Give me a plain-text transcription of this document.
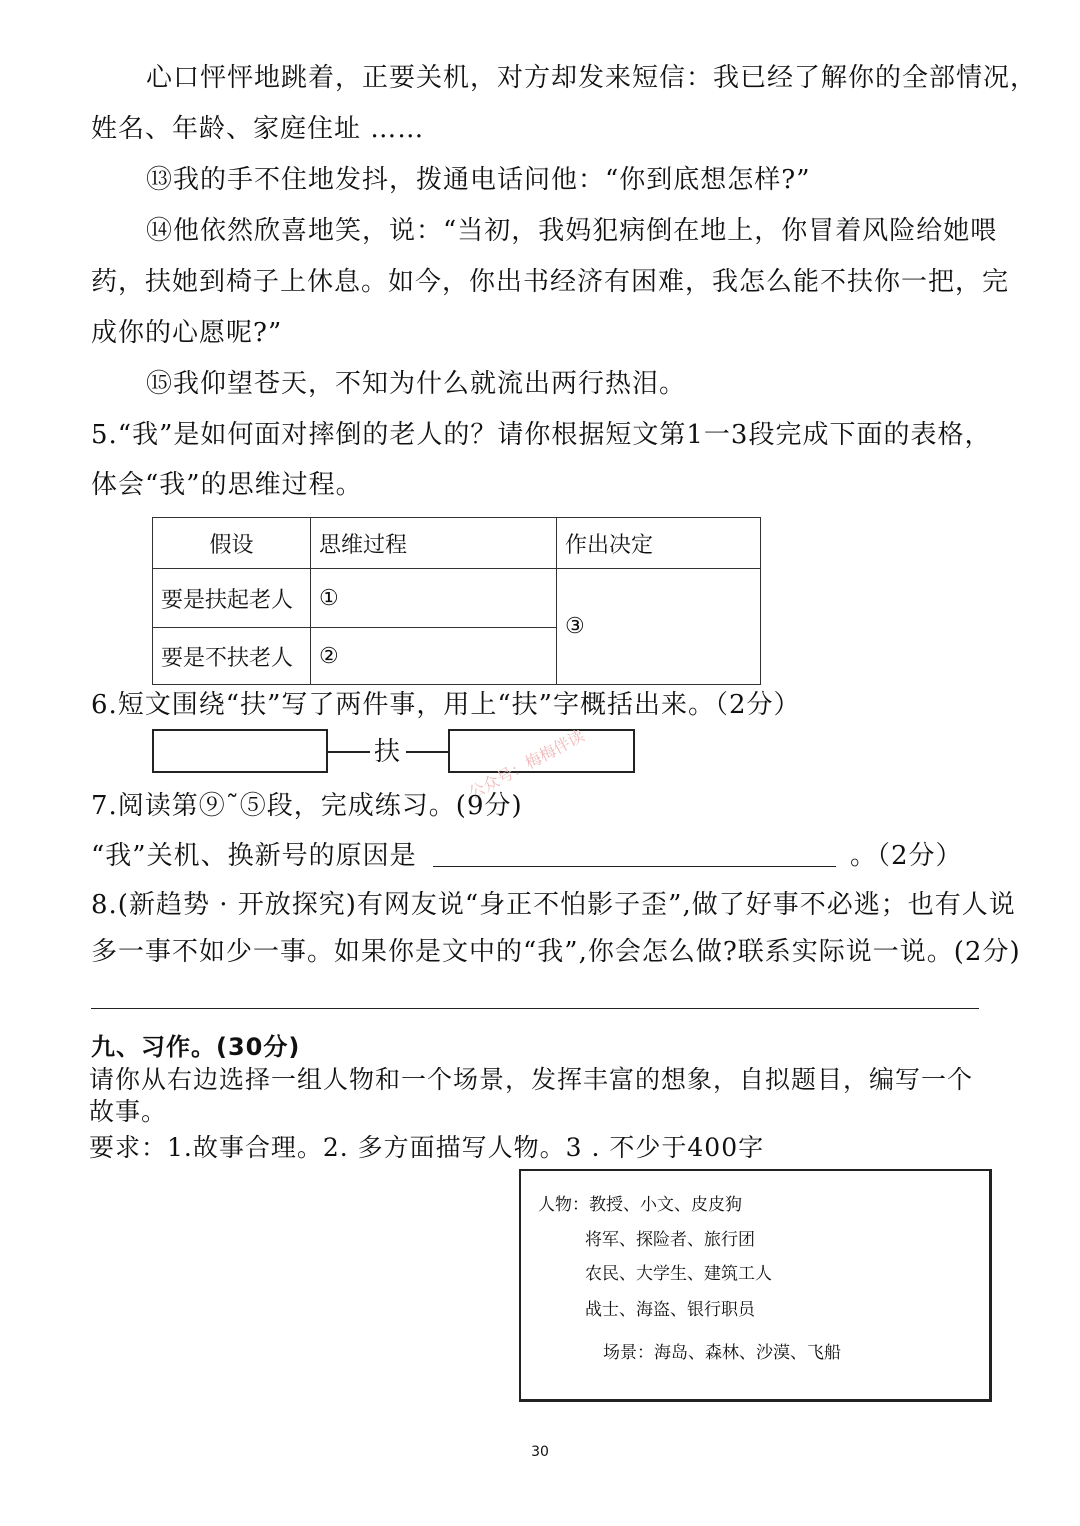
心口怦怦地跳着，正要关机，对方却发来短信：我已经了解你的全部情况，
姓名、年龄、家庭住址 ……
⑬我的手不住地发抖，拨通电话问他：“你到底想怎样?”
⑭他依然欣喜地笑，说：“当初，我妈犯病倒在地上，你冒着风险给她喂
药，扶她到椅子上休息。如今，你出书经济有困难，我怎么能不扶你一把，完
成你的心愿呢?”
⑮我仰望苍天，不知为什么就流出两行热泪。
5.“我”是如何面对摔倒的老人的？请你根据短文第1一3段完成下面的表格，
体会“我”的思维过程。
假设	思维过程	作出决定
要是扶起老人	①	③
要是不扶老人	②	
6.短文围绕“扶”写了两件事，用上“扶”字概括出来。（2分）
扶	公众号：梅梅伴读
7.阅读第⑨˜⑤段，完成练习。(9分)
“我”关机、换新号的原因是	。（2分）
8.(新趋势 · 开放探究)有网友说“身正不怕影子歪”,做了好事不必逃；也有人说
多一事不如少一事。如果你是文中的“我”,你会怎么做?联系实际说一说。(2分)
九、习作。(30分)
请你从右边选择一组人物和一个场景，发挥丰富的想象，自拟题目，编写一个
故事。
要求：1.故事合理。2. 多方面描写人物。3 . 不少于400字
人物：教授、小文、皮皮狗
将军、探险者、旅行团
农民、大学生、建筑工人
战士、海盗、银行职员
场景：海岛、森林、沙漠、飞船
30
